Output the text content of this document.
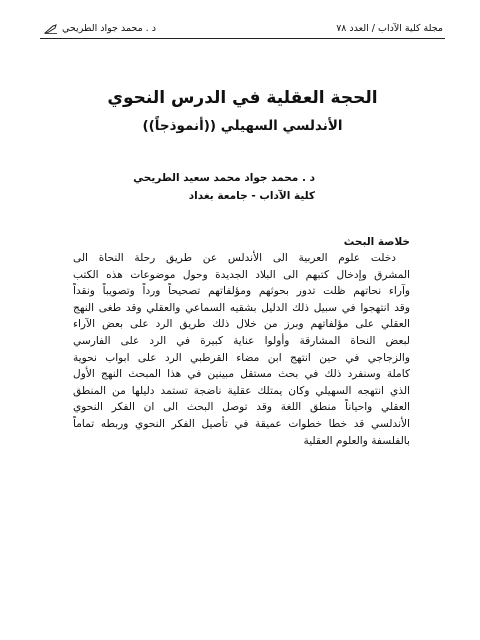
مجلة كلية الآداب / العدد ٧٨
د . محمد جواد الطريحي
الحجة العقلية في الدرس النحوي
الأندلسي السهيلي ((أنموذجاً))
د . محمد جواد محمد سعيد الطريحي
كلية الآداب - جامعة بغداد
خلاصة البحث
دخلت علوم العربية الى الأندلس عن طريق رحلة النحاة الى
المشرق وإدخال كتبهم الى البلاد الجديدة وحول موضوعات هذه الكتب
وآراء نحاتهم ظلت تدور بحوثهم ومؤلفاتهم تصحيحاً ورداً وتصويباً ونقداً
وقد انتهجوا في سبيل ذلك الدليل بشقيه السماعي والعقلي وقد طغى النهج
العقلي على مؤلفاتهم وبرز من خلال ذلك طريق الرد على بعض الآراء
لبعض النحاة المشارقة وأولوا عناية كبيرة في الرد على الفارسي
والزجاجي في حين انتهج ابن مضاء القرطبي الرد على ابواب نحوية
كاملة وسنفرد ذلك في بحث مستقل مبينين في هذا المبحث النهج الأول
الذي انتهجه السهيلي وكان يمتلك عقلية ناضجة تستمد دليلها من المنطق
العقلي واحياناً منطق اللغة وقد توصل البحث الى ان الفكر النحوي
الأندلسي قد خطا خطوات عميقة في تأصيل الفكر النحوي وربطه تماماً
بالفلسفة والعلوم العقلية
